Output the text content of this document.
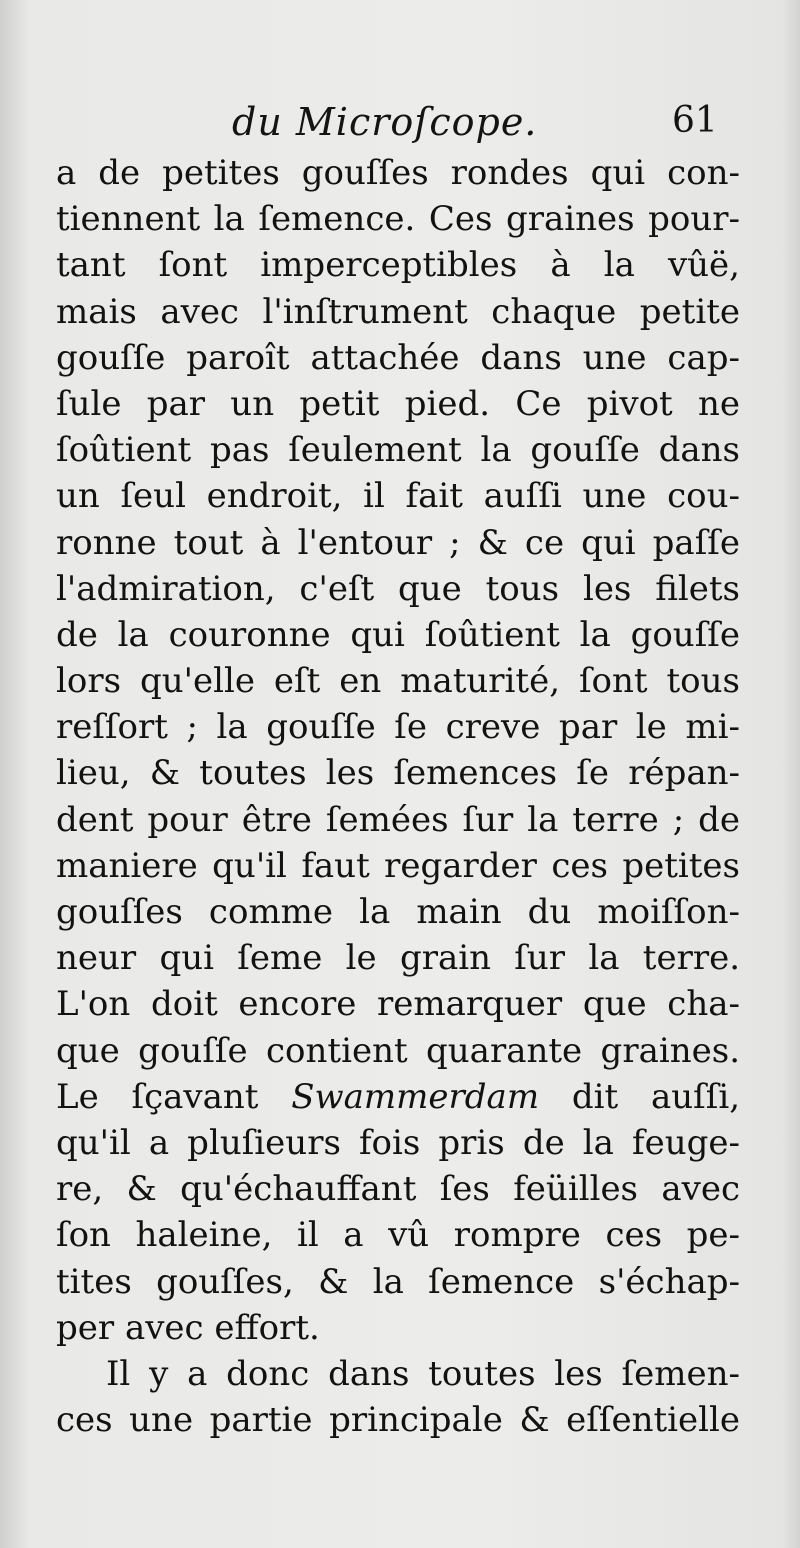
du Microſcope.	61
a de petites gouſſes rondes qui con-
tiennent la ſemence. Ces graines pour-
tant ſont imperceptibles à la vûë,
mais avec l'inſtrument chaque petite
gouſſe paroît attachée dans une cap-
ſule par un petit pied. Ce pivot ne
ſoûtient pas ſeulement la gouſſe dans
un ſeul endroit, il fait auſſi une cou-
ronne tout à l'entour ; & ce qui paſſe
l'admiration, c'eſt que tous les filets
de la couronne qui ſoûtient la gouſſe
lors qu'elle eſt en maturité, ſont tous
reſſort ; la gouſſe ſe creve par le mi-
lieu, & toutes les ſemences ſe répan-
dent pour être ſemées ſur la terre ; de
maniere qu'il faut regarder ces petites
gouſſes comme la main du moiſſon-
neur qui ſeme le grain ſur la terre.
L'on doit encore remarquer que cha-
que gouſſe contient quarante graines.
Le ſçavant Swammerdam dit auſſi,
qu'il a pluſieurs fois pris de la feuge-
re, & qu'échauffant ſes feüilles avec
ſon haleine, il a vû rompre ces pe-
tites gouſſes, & la ſemence s'échap-
per avec effort.
Il y a donc dans toutes les ſemen-
ces une partie principale & eſſentielle
